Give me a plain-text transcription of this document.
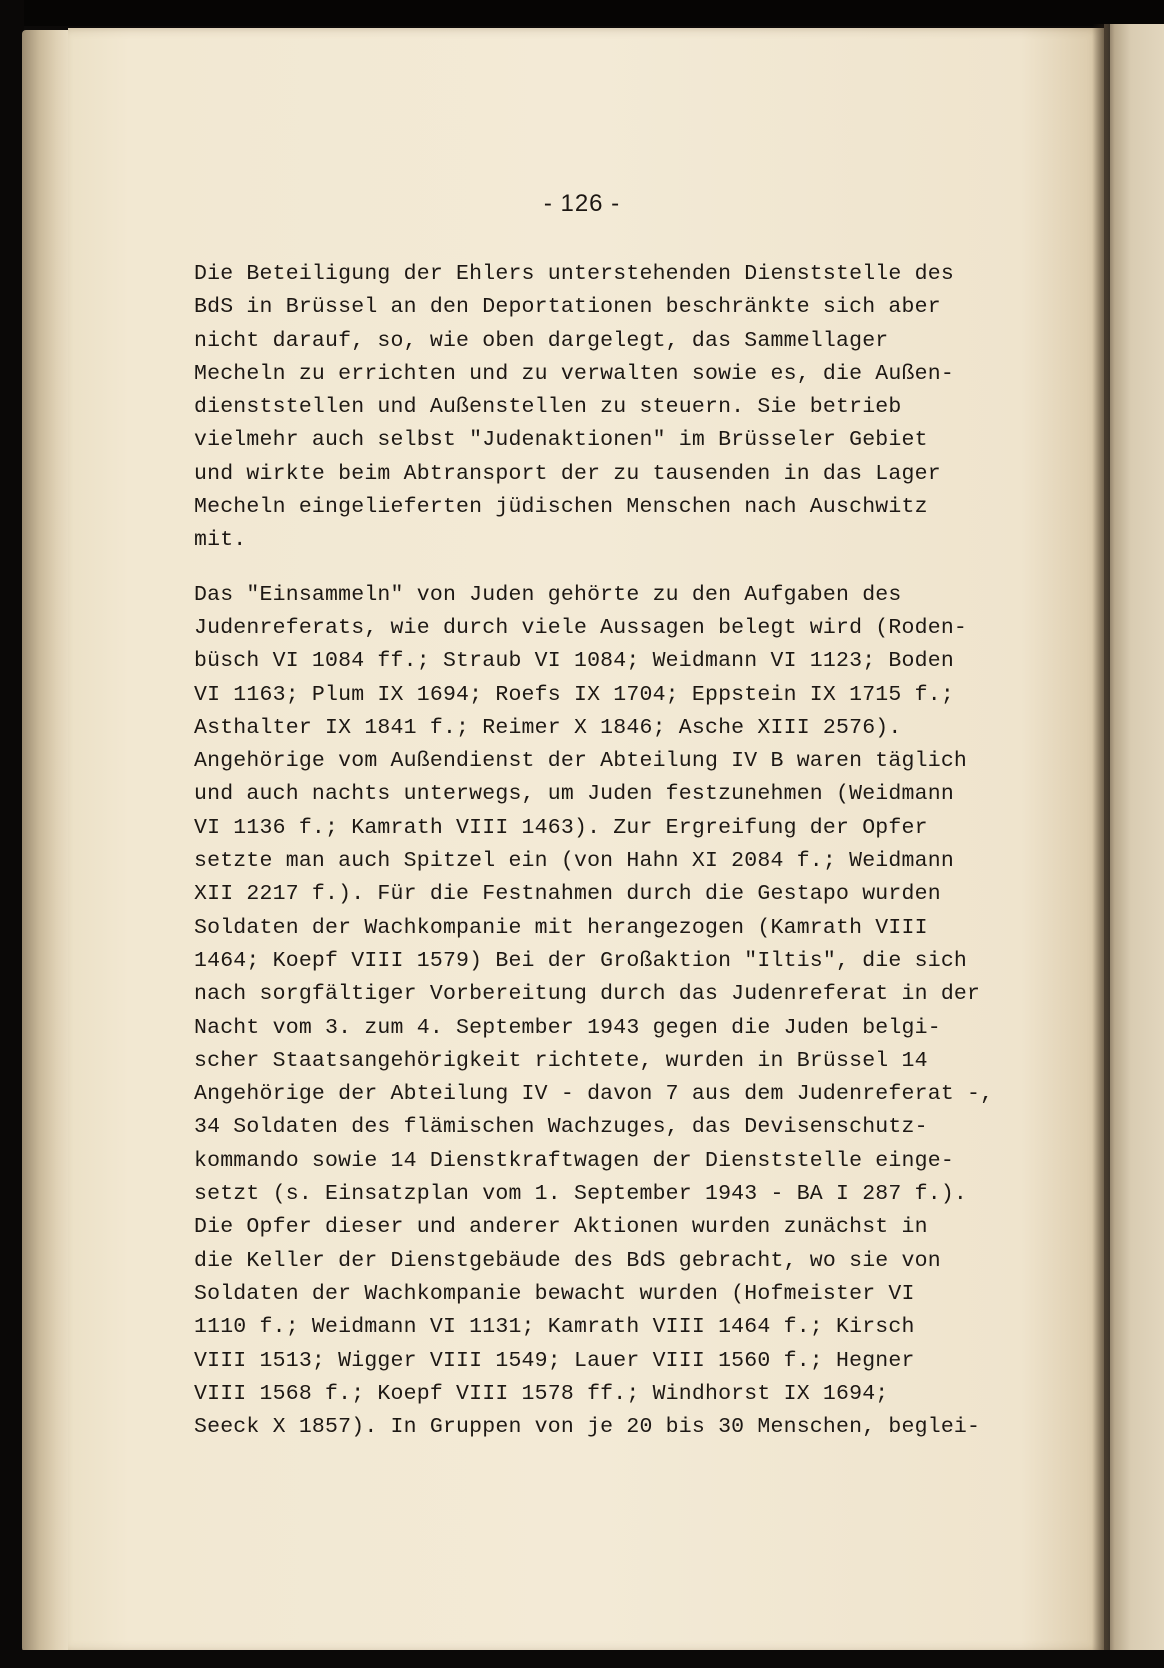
- 126 -
Die Beteiligung der Ehlers unterstehenden Dienststelle des
BdS in Brüssel an den Deportationen beschränkte sich aber
nicht darauf, so, wie oben dargelegt, das Sammellager
Mecheln zu errichten und zu verwalten sowie es, die Außen-
dienststellen und Außenstellen zu steuern. Sie betrieb
vielmehr auch selbst "Judenaktionen" im Brüsseler Gebiet
und wirkte beim Abtransport der zu tausenden in das Lager
Mecheln eingelieferten jüdischen Menschen nach Auschwitz
mit.
Das "Einsammeln" von Juden gehörte zu den Aufgaben des
Judenreferats, wie durch viele Aussagen belegt wird (Roden-
büsch VI 1084 ff.; Straub VI 1084; Weidmann VI 1123; Boden
VI 1163; Plum IX 1694; Roefs IX 1704; Eppstein IX 1715 f.;
Asthalter IX 1841 f.; Reimer X 1846; Asche XIII 2576).
Angehörige vom Außendienst der Abteilung IV B waren täglich
und auch nachts unterwegs, um Juden festzunehmen (Weidmann
VI 1136 f.; Kamrath VIII 1463). Zur Ergreifung der Opfer
setzte man auch Spitzel ein (von Hahn XI 2084 f.; Weidmann
XII 2217 f.). Für die Festnahmen durch die Gestapo wurden
Soldaten der Wachkompanie mit herangezogen (Kamrath VIII
1464; Koepf VIII 1579) Bei der Großaktion "Iltis", die sich
nach sorgfältiger Vorbereitung durch das Judenreferat in der
Nacht vom 3. zum 4. September 1943 gegen die Juden belgi-
scher Staatsangehörigkeit richtete, wurden in Brüssel 14
Angehörige der Abteilung IV - davon 7 aus dem Judenreferat -,
34 Soldaten des flämischen Wachzuges, das Devisenschutz-
kommando sowie 14 Dienstkraftwagen der Dienststelle einge-
setzt (s. Einsatzplan vom 1. September 1943 - BA I 287 f.).
Die Opfer dieser und anderer Aktionen wurden zunächst in
die Keller der Dienstgebäude des BdS gebracht, wo sie von
Soldaten der Wachkompanie bewacht wurden (Hofmeister VI
1110 f.; Weidmann VI 1131; Kamrath VIII 1464 f.; Kirsch
VIII 1513; Wigger VIII 1549; Lauer VIII 1560 f.; Hegner
VIII 1568 f.; Koepf VIII 1578 ff.; Windhorst IX 1694;
Seeck X 1857). In Gruppen von je 20 bis 30 Menschen, beglei-
